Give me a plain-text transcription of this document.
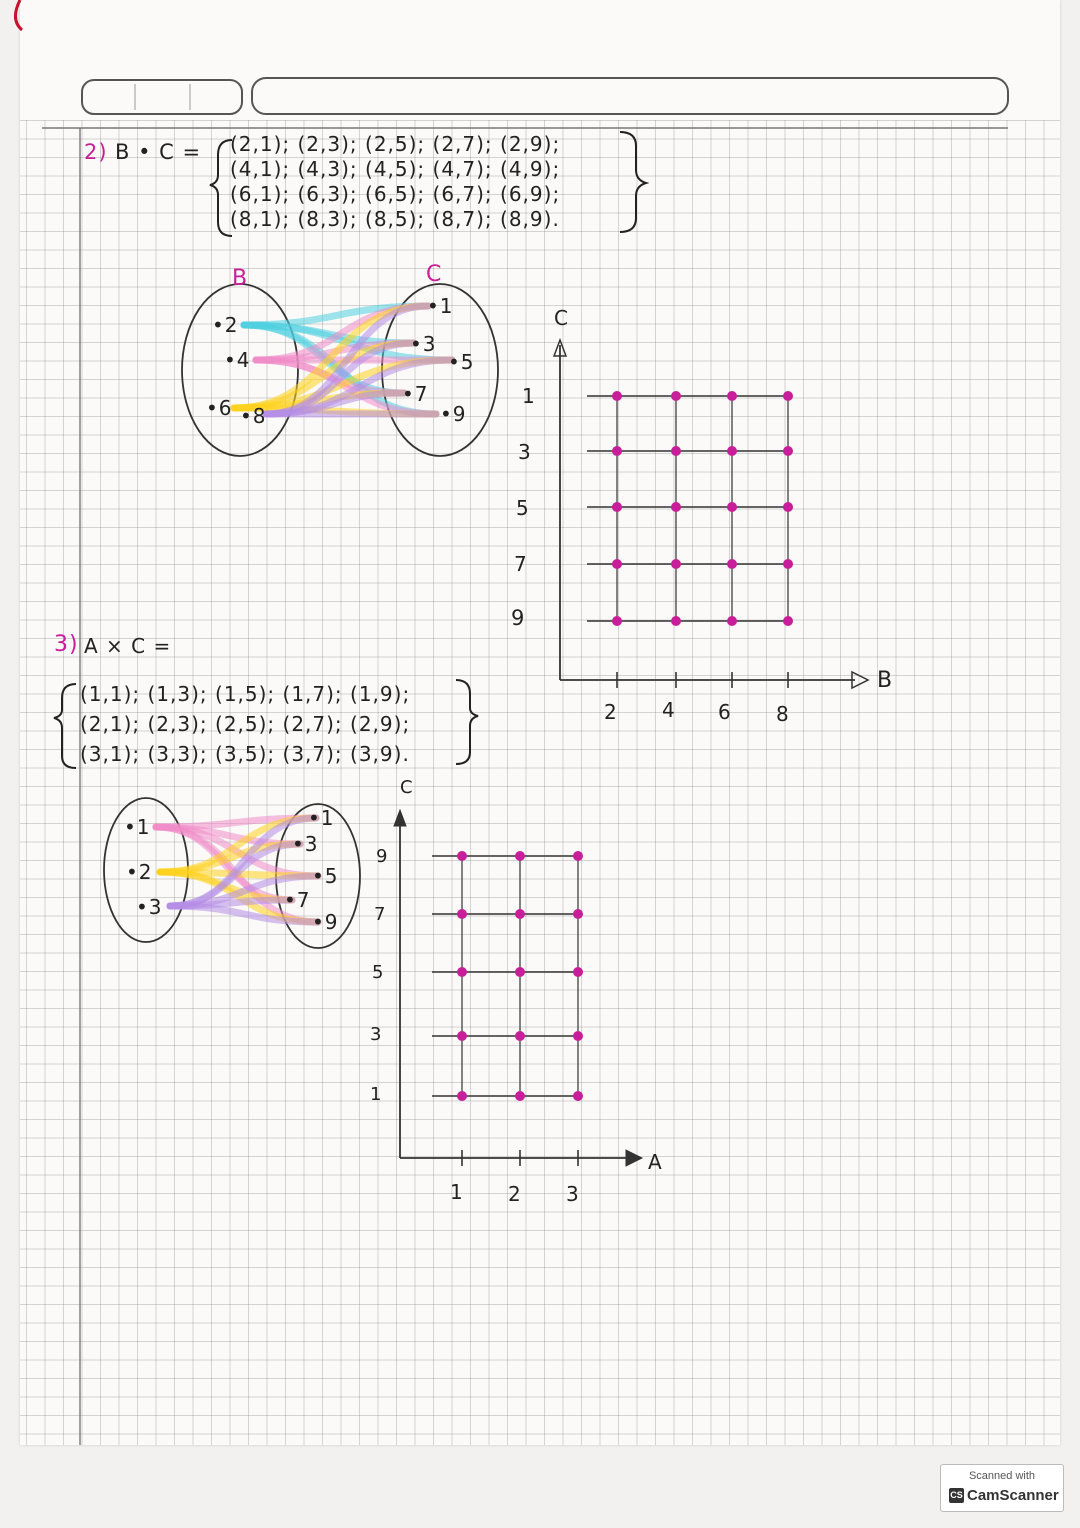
2) B • C = (2,1); (2,3); (2,5); (2,7); (2,9);
(4,1); (4,3); (4,5); (4,7); (4,9);
(6,1); (6,3); (6,5); (6,7); (6,9);
(8,1); (8,3); (8,5); (8,7); (8,9).
B	C
•2
•4
•6 •8
•1
•3
•5
•7
•9
C
B
2 4 6 8
1
3
5
7
9
3) A × C =
(1,1); (1,3); (1,5); (1,7); (1,9);
(2,1); (2,3); (2,5); (2,7); (2,9);
(3,1); (3,3); (3,5); (3,7); (3,9).
•1
•2
•3
•1
•3
•5
•7
•9
C
A
1 2 3
9
7
5
3
1
Scanned with
CS CamScanner
